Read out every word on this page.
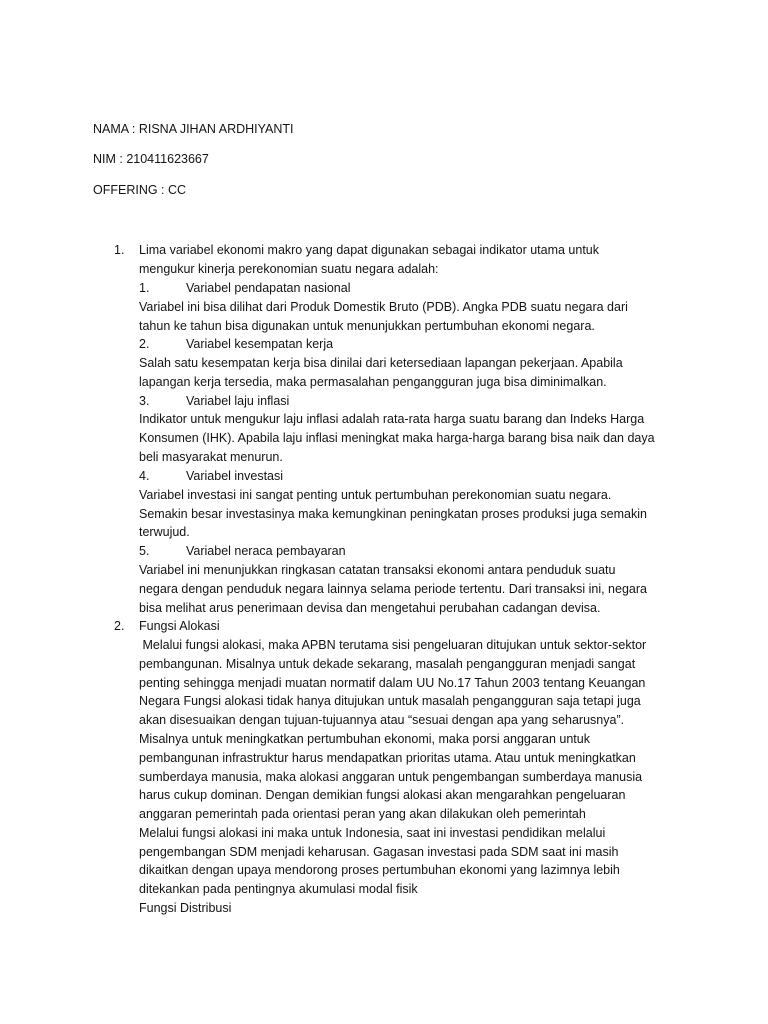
NAMA : RISNA JIHAN ARDHIYANTI
NIM : 210411623667
OFFERING : CC
1. Lima variabel ekonomi makro yang dapat digunakan sebagai indikator utama untuk
mengukur kinerja perekonomian suatu negara adalah:
1.	Variabel pendapatan nasional
Variabel ini bisa dilihat dari Produk Domestik Bruto (PDB). Angka PDB suatu negara dari
tahun ke tahun bisa digunakan untuk menunjukkan pertumbuhan ekonomi negara.
2.	Variabel kesempatan kerja
Salah satu kesempatan kerja bisa dinilai dari ketersediaan lapangan pekerjaan. Apabila
lapangan kerja tersedia, maka permasalahan pengangguran juga bisa diminimalkan.
3.	Variabel laju inflasi
Indikator untuk mengukur laju inflasi adalah rata-rata harga suatu barang dan Indeks Harga
Konsumen (IHK). Apabila laju inflasi meningkat maka harga-harga barang bisa naik dan daya
beli masyarakat menurun.
4.	Variabel investasi
Variabel investasi ini sangat penting untuk pertumbuhan perekonomian suatu negara.
Semakin besar investasinya maka kemungkinan peningkatan proses produksi juga semakin
terwujud.
5.	Variabel neraca pembayaran
Variabel ini menunjukkan ringkasan catatan transaksi ekonomi antara penduduk suatu
negara dengan penduduk negara lainnya selama periode tertentu. Dari transaksi ini, negara
bisa melihat arus penerimaan devisa dan mengetahui perubahan cadangan devisa.
2. Fungsi Alokasi
Melalui fungsi alokasi, maka APBN terutama sisi pengeluaran ditujukan untuk sektor-sektor
pembangunan. Misalnya untuk dekade sekarang, masalah pengangguran menjadi sangat
penting sehingga menjadi muatan normatif dalam UU No.17 Tahun 2003 tentang Keuangan
Negara Fungsi alokasi tidak hanya ditujukan untuk masalah pengangguran saja tetapi juga
akan disesuaikan dengan tujuan-tujuannya atau “sesuai dengan apa yang seharusnya”.
Misalnya untuk meningkatkan pertumbuhan ekonomi, maka porsi anggaran untuk
pembangunan infrastruktur harus mendapatkan prioritas utama. Atau untuk meningkatkan
sumberdaya manusia, maka alokasi anggaran untuk pengembangan sumberdaya manusia
harus cukup dominan. Dengan demikian fungsi alokasi akan mengarahkan pengeluaran
anggaran pemerintah pada orientasi peran yang akan dilakukan oleh pemerintah
Melalui fungsi alokasi ini maka untuk Indonesia, saat ini investasi pendidikan melalui
pengembangan SDM menjadi keharusan. Gagasan investasi pada SDM saat ini masih
dikaitkan dengan upaya mendorong proses pertumbuhan ekonomi yang lazimnya lebih
ditekankan pada pentingnya akumulasi modal fisik
Fungsi Distribusi
